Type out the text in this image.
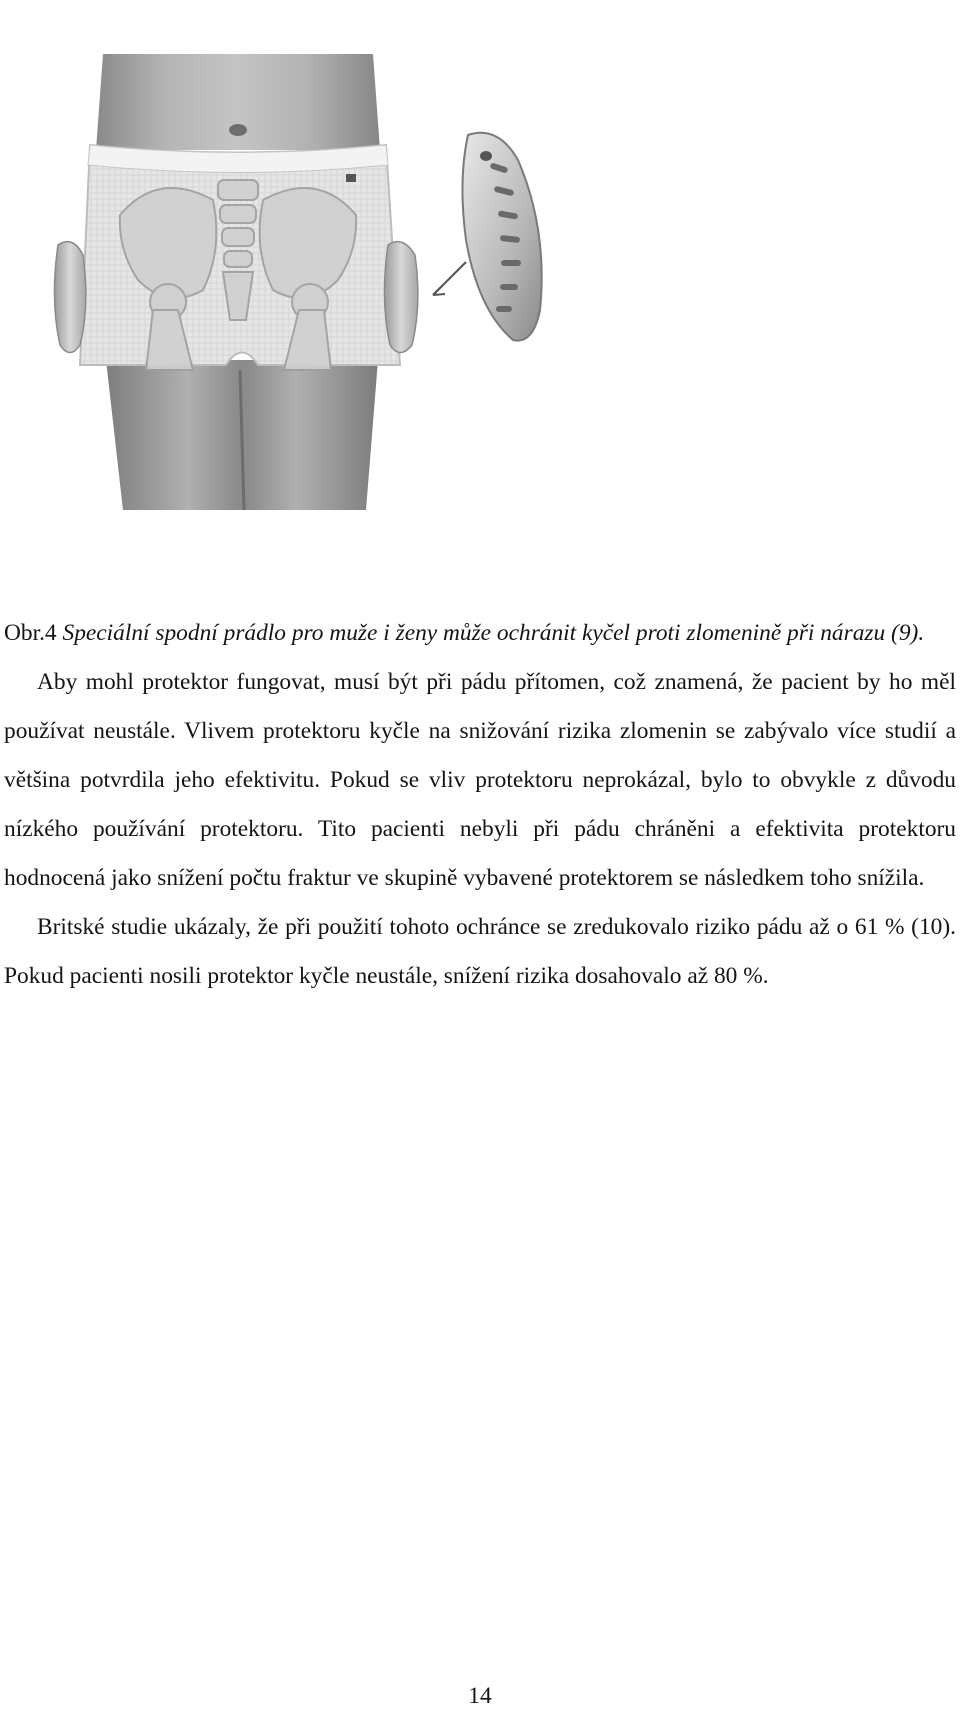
Obr.4 Speciální spodní prádlo pro muže i ženy může ochránit kyčel proti zlomenině při nárazu (9).

Aby mohl protektor fungovat, musí být při pádu přítomen, což znamená, že pacient by ho měl používat neustále. Vlivem protektoru kyčle na snižování rizika zlomenin se zabývalo více studií a většina potvrdila jeho efektivitu. Pokud se vliv protektoru neprokázal, bylo to obvykle z důvodu nízkého používání protektoru. Tito pacienti nebyli při pádu chráněni a efektivita protektoru hodnocená jako snížení počtu fraktur ve skupině vybavené protektorem se následkem toho snížila.

Britské studie ukázaly, že při použití tohoto ochránce se zredukovalo riziko pádu až o 61 % (10). Pokud pacienti nosili protektor kyčle neustále, snížení rizika dosahovalo až 80 %.

14
